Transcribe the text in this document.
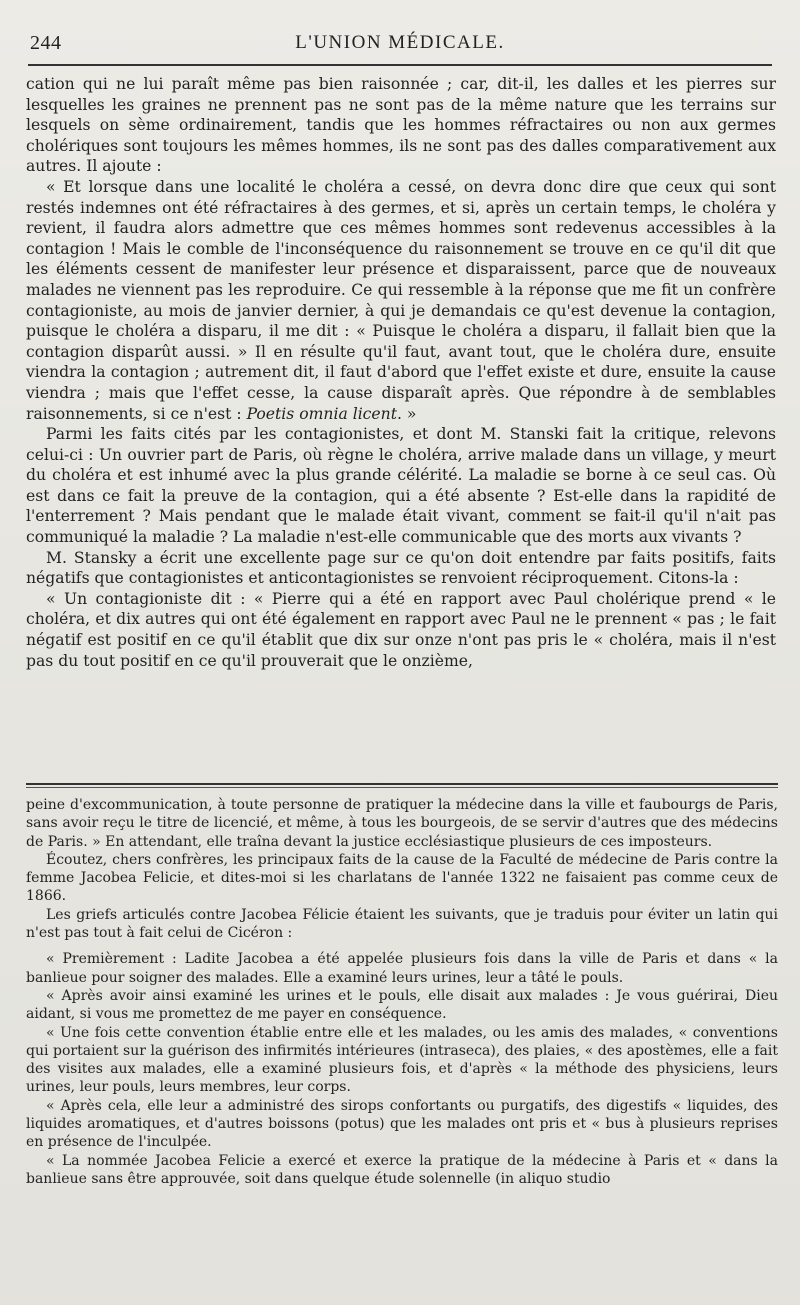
244	L'UNION MÉDICALE.

cation qui ne lui paraît même pas bien raisonnée ; car, dit-il, les dalles et les pierres sur lesquelles les graines ne prennent pas ne sont pas de la même nature que les terrains sur lesquels on sème ordinairement, tandis que les hommes réfractaires ou non aux germes cholériques sont toujours les mêmes hommes, ils ne sont pas des dalles comparativement aux autres. Il ajoute :

« Et lorsque dans une localité le choléra a cessé, on devra donc dire que ceux qui sont restés indemnes ont été réfractaires à des germes, et si, après un certain temps, le choléra y revient, il faudra alors admettre que ces mêmes hommes sont redevenus accessibles à la contagion ! Mais le comble de l'inconséquence du raisonnement se trouve en ce qu'il dit que les éléments cessent de manifester leur présence et disparaissent, parce que de nouveaux malades ne viennent pas les reproduire. Ce qui ressemble à la réponse que me fit un confrère contagioniste, au mois de janvier dernier, à qui je demandais ce qu'est devenue la contagion, puisque le choléra a disparu, il me dit : « Puisque le choléra a disparu, il fallait bien que la contagion disparût aussi. » Il en résulte qu'il faut, avant tout, que le choléra dure, ensuite viendra la contagion ; autrement dit, il faut d'abord que l'effet existe et dure, ensuite la cause viendra ; mais que l'effet cesse, la cause disparaît après. Que répondre à de semblables raisonnements, si ce n'est : Poetis omnia licent. »

Parmi les faits cités par les contagionistes, et dont M. Stanski fait la critique, relevons celui-ci : Un ouvrier part de Paris, où règne le choléra, arrive malade dans un village, y meurt du choléra et est inhumé avec la plus grande célérité. La maladie se borne à ce seul cas. Où est dans ce fait la preuve de la contagion, qui a été absente ? Est-elle dans la rapidité de l'enterrement ? Mais pendant que le malade était vivant, comment se fait-il qu'il n'ait pas communiqué la maladie ? La maladie n'est-elle communicable que des morts aux vivants ?

M. Stansky a écrit une excellente page sur ce qu'on doit entendre par faits positifs, faits négatifs que contagionistes et anticontagionistes se renvoient réciproquement. Citons-la :

« Un contagioniste dit : « Pierre qui a été en rapport avec Paul cholérique prend « le choléra, et dix autres qui ont été également en rapport avec Paul ne le prennent « pas ; le fait négatif est positif en ce qu'il établit que dix sur onze n'ont pas pris le « choléra, mais il n'est pas du tout positif en ce qu'il prouverait que le onzième,

peine d'excommunication, à toute personne de pratiquer la médecine dans la ville et faubourgs de Paris, sans avoir reçu le titre de licencié, et même, à tous les bourgeois, de se servir d'autres que des médecins de Paris. » En attendant, elle traîna devant la justice ecclésiastique plusieurs de ces imposteurs.

Écoutez, chers confrères, les principaux faits de la cause de la Faculté de médecine de Paris contre la femme Jacobea Felicie, et dites-moi si les charlatans de l'année 1322 ne faisaient pas comme ceux de 1866.

Les griefs articulés contre Jacobea Félicie étaient les suivants, que je traduis pour éviter un latin qui n'est pas tout à fait celui de Cicéron :

« Premièrement : Ladite Jacobea a été appelée plusieurs fois dans la ville de Paris et dans « la banlieue pour soigner des malades. Elle a examiné leurs urines, leur a tâté le pouls.

« Après avoir ainsi examiné les urines et le pouls, elle disait aux malades : Je vous guérirai, Dieu aidant, si vous me promettez de me payer en conséquence.

« Une fois cette convention établie entre elle et les malades, ou les amis des malades, « conventions qui portaient sur la guérison des infirmités intérieures (intraseca), des plaies, « des apostèmes, elle a fait des visites aux malades, elle a examiné plusieurs fois, et d'après « la méthode des physiciens, leurs urines, leur pouls, leurs membres, leur corps.

« Après cela, elle leur a administré des sirops confortants ou purgatifs, des digestifs « liquides, des liquides aromatiques, et d'autres boissons (potus) que les malades ont pris et « bus à plusieurs reprises en présence de l'inculpée.

« La nommée Jacobea Felicie a exercé et exerce la pratique de la médecine à Paris et « dans la banlieue sans être approuvée, soit dans quelque étude solennelle (in aliquo studio
